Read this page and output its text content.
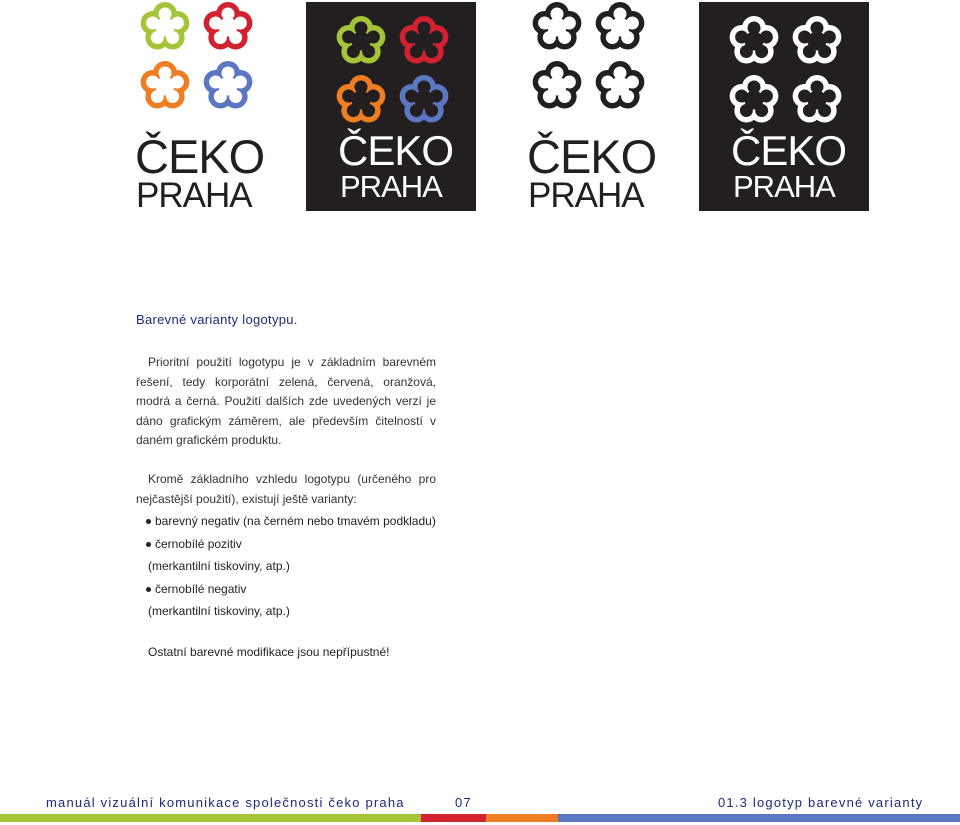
ČEKO
PRAHA
ČEKO
PRAHA
ČEKO
PRAHA
ČEKO
PRAHA
Barevné varianty logotypu.
Prioritní použití logotypu je v základním barevném řešení, tedy korporátní zelená, červená, oranžová, modrá a černá. Použití dalších zde uvedených verzí je dáno grafickým záměrem, ale především čitelností v daném grafickém produktu.
Kromě základního vzhledu logotypu (určeného pro nejčastější použití), existují ještě varianty:
barevný negativ (na černém nebo tmavém podkladu)
černobílé pozitiv
(merkantilní tiskoviny, atp.)
černobílé negativ
(merkantilní tiskoviny, atp.)
Ostatní barevné modifikace jsou nepřípustné!
manuál vizuální komunikace společnosti čeko praha	07	01.3 logotyp barevné varianty
